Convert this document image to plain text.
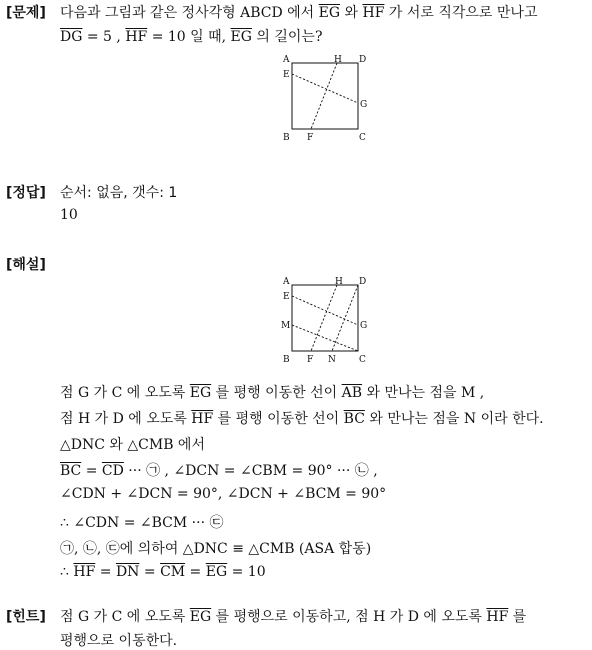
[문제] 다음과 그림과 같은 정사각형 ABCD 에서 $\overline{EG}$ 와 $\overline{HF}$ 가 서로 직각으로 만나고
$\overline{DG} = 5$ , $\overline{HF} = 10$ 일 때, $\overline{EG}$ 의 길이는?
A	H D
E
G
B F	C
[정답] 순서: 없음, 갯수: 1
10
[해설]
A	H D
E
M	G
B F N	C
점 G 가 C 에 오도록 $\overline{EG}$ 를 평행 이동한 선이 $\overline{AB}$ 와 만나는 점을 M ,
점 H 가 D 에 오도록 $\overline{HF}$ 를 평행 이동한 선이 $\overline{BC}$ 와 만나는 점을 N 이라 한다.
△DNC 와 △CMB 에서
$\overline{BC} = \overline{CD}$ ··· ㉠ , ∠DCN = ∠CBM = 90° ··· ㉡ ,
∠CDN + ∠DCN = 90°, ∠DCN + ∠BCM = 90°
∴ ∠CDN = ∠BCM ··· ㉢
㉠, ㉡, ㉢에 의하여 △DNC ≡ △CMB (ASA 합동)
∴ $\overline{HF} = \overline{DN} = \overline{CM} = \overline{EG} = 10$
[힌트] 점 G 가 C 에 오도록 $\overline{EG}$ 를 평행으로 이동하고, 점 H 가 D 에 오도록 $\overline{HF}$ 를
평행으로 이동한다.
